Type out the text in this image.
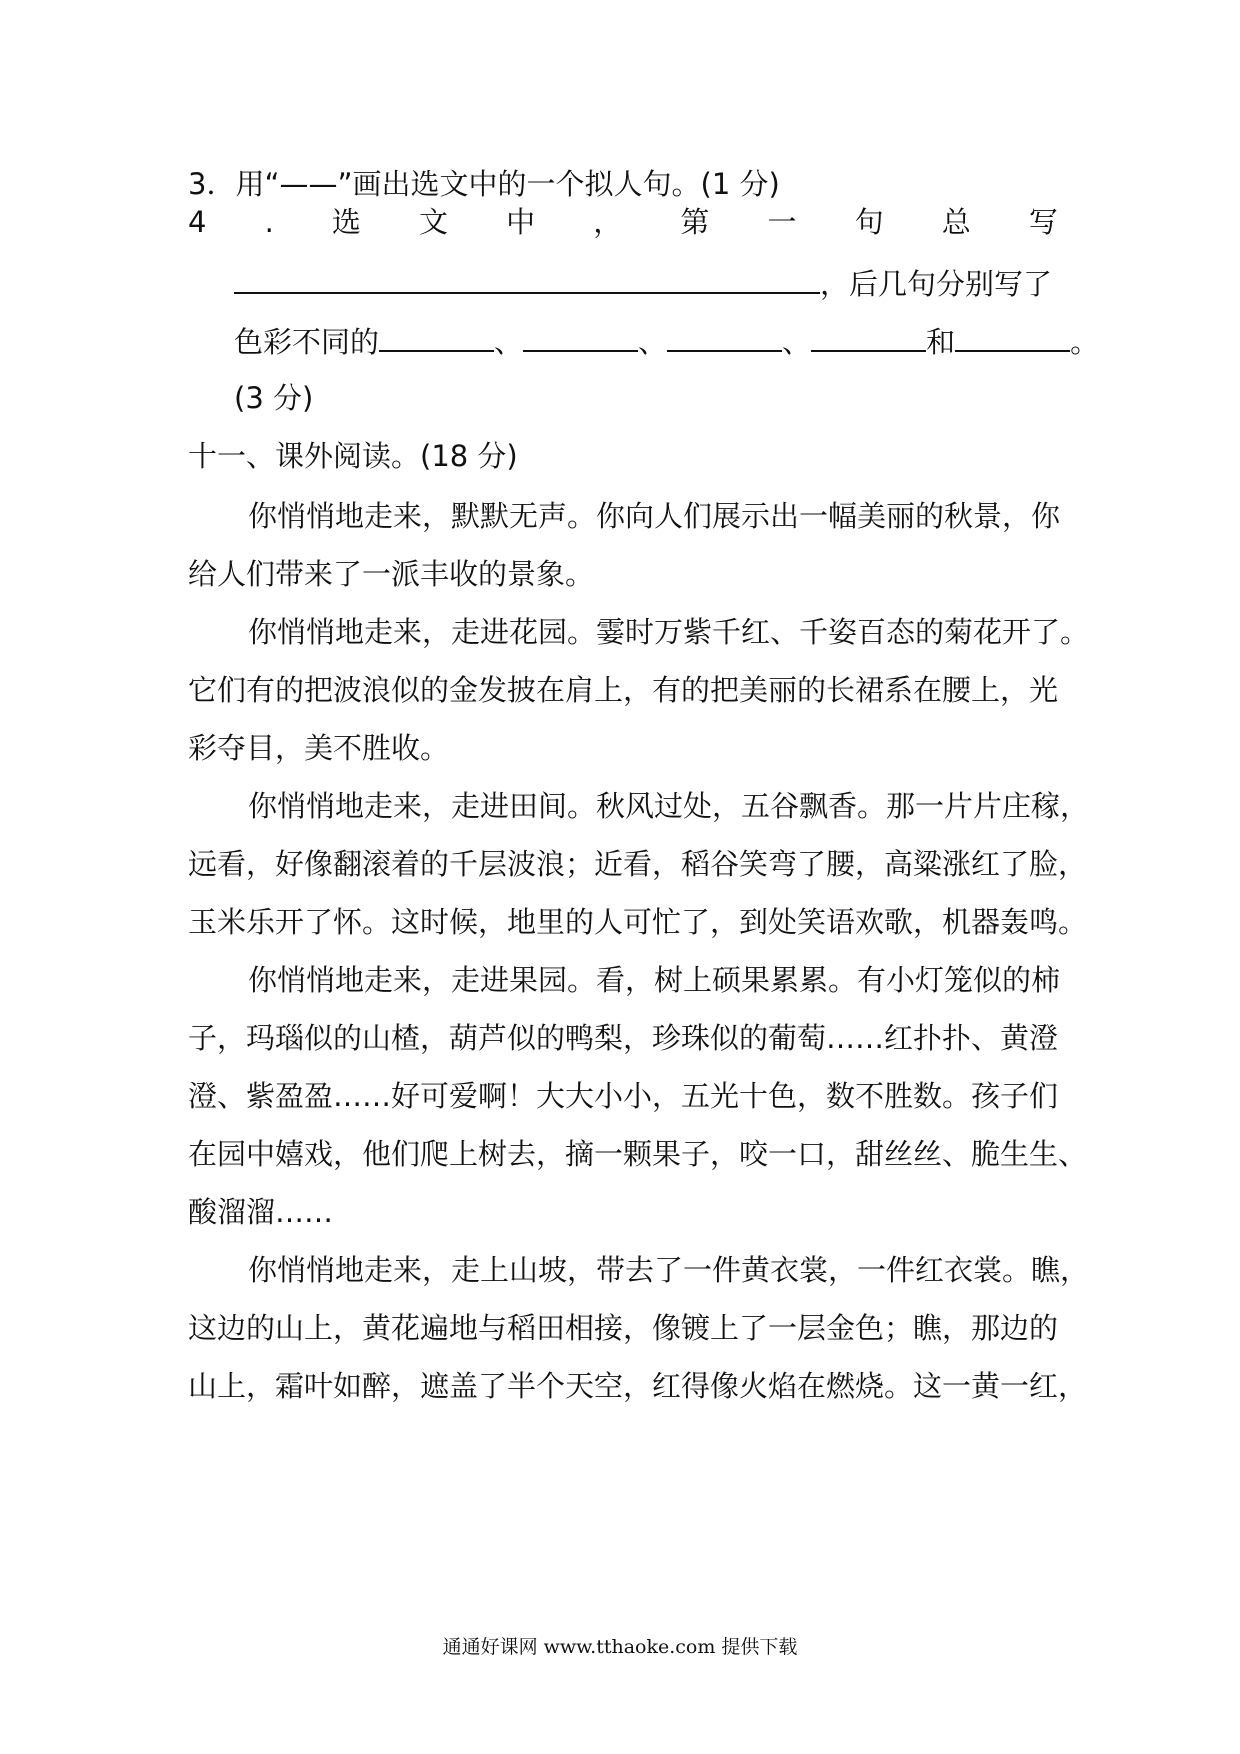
3．用“——”画出选文中的一个拟人句。(1 分)
4 . 选 文 中 ， 第 一 句 总 写
，后几句分别写了
色彩不同的	、	、	、	和	。
(3 分)
十一、课外阅读。(18 分)
你悄悄地走来，默默无声。你向人们展示出一幅美丽的秋景，你
给人们带来了一派丰收的景象。
你悄悄地走来，走进花园。霎时万紫千红、千姿百态的菊花开了。
它们有的把波浪似的金发披在肩上，有的把美丽的长裙系在腰上，光
彩夺目，美不胜收。
你悄悄地走来，走进田间。秋风过处，五谷飘香。那一片片庄稼，
远看，好像翻滚着的千层波浪；近看，稻谷笑弯了腰，高粱涨红了脸，
玉米乐开了怀。这时候，地里的人可忙了，到处笑语欢歌，机器轰鸣。
你悄悄地走来，走进果园。看，树上硕果累累。有小灯笼似的柿
子，玛瑙似的山楂，葫芦似的鸭梨，珍珠似的葡萄……红扑扑、黄澄
澄、紫盈盈……好可爱啊！大大小小，五光十色，数不胜数。孩子们
在园中嬉戏，他们爬上树去，摘一颗果子，咬一口，甜丝丝、脆生生、
酸溜溜……
你悄悄地走来，走上山坡，带去了一件黄衣裳，一件红衣裳。瞧，
这边的山上，黄花遍地与稻田相接，像镀上了一层金色；瞧，那边的
山上，霜叶如醉，遮盖了半个天空，红得像火焰在燃烧。这一黄一红，
通通好课网 www.tthaoke.com 提供下载
